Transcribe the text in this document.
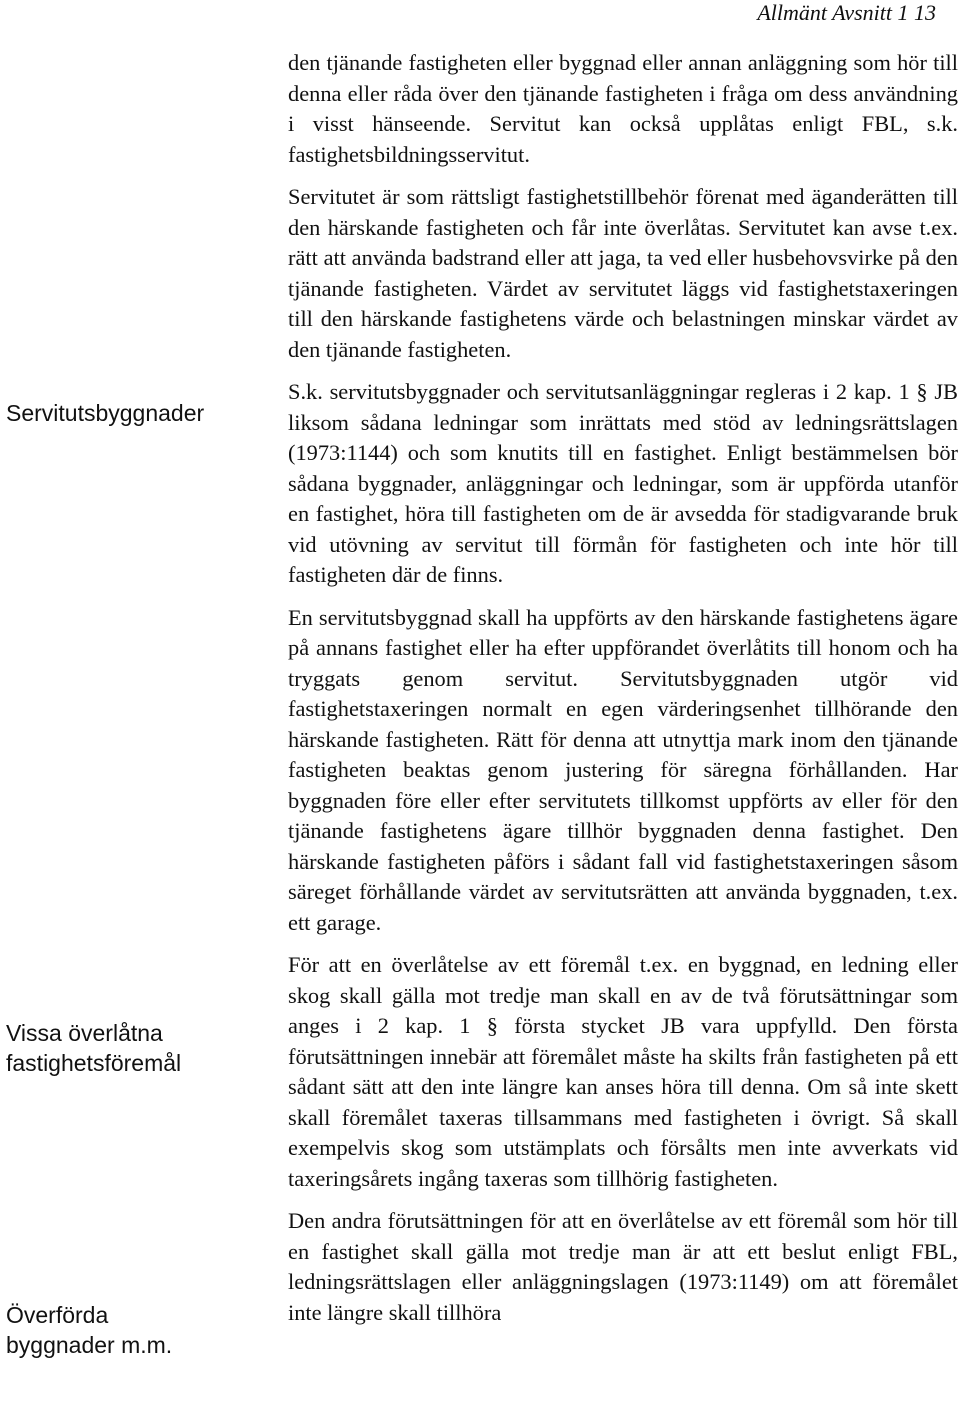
Allmänt Avsnitt 1 13
Servitutsbyggnader
Vissa överlåtna fastighetsföremål
Överförda byggnader m.m.

den tjänande fastigheten eller byggnad eller annan anläggning som hör till denna eller råda över den tjänande fastigheten i fråga om dess användning i visst hänseende. Servitut kan också upplåtas enligt FBL, s.k. fastighetsbildningsservitut.

Servitutet är som rättsligt fastighetstillbehör förenat med äganderätten till den härskande fastigheten och får inte överlåtas. Servitutet kan avse t.ex. rätt att använda badstrand eller att jaga, ta ved eller husbehovsvirke på den tjänande fastigheten. Värdet av servitutet läggs vid fastighetstaxeringen till den härskande fastighetens värde och belastningen minskar värdet av den tjänande fastigheten.

S.k. servitutsbyggnader och servitutsanläggningar regleras i 2 kap. 1 § JB liksom sådana ledningar som inrättats med stöd av ledningsrättslagen (1973:1144) och som knutits till en fastighet. Enligt bestämmelsen bör sådana byggnader, anläggningar och ledningar, som är uppförda utanför en fastighet, höra till fastigheten om de är avsedda för stadigvarande bruk vid utövning av servitut till förmån för fastigheten och inte hör till fastigheten där de finns.

En servitutsbyggnad skall ha uppförts av den härskande fastighetens ägare på annans fastighet eller ha efter uppförandet överlåtits till honom och ha tryggats genom servitut. Servitutsbyggnaden utgör vid fastighetstaxeringen normalt en egen värderingsenhet tillhörande den härskande fastigheten. Rätt för denna att utnyttja mark inom den tjänande fastigheten beaktas genom justering för säregna förhållanden. Har byggnaden före eller efter servitutets tillkomst uppförts av eller för den tjänande fastighetens ägare tillhör byggnaden denna fastighet. Den härskande fastigheten påförs i sådant fall vid fastighetstaxeringen såsom säreget förhållande värdet av servitutsrätten att använda byggnaden, t.ex. ett garage.

För att en överlåtelse av ett föremål t.ex. en byggnad, en ledning eller skog skall gälla mot tredje man skall en av de två förutsättningar som anges i 2 kap. 1 § första stycket JB vara uppfylld. Den första förutsättningen innebär att föremålet måste ha skilts från fastigheten på ett sådant sätt att den inte längre kan anses höra till denna. Om så inte skett skall föremålet taxeras tillsammans med fastigheten i övrigt. Så skall exempelvis skog som utstämplats och försålts men inte avverkats vid taxeringsårets ingång taxeras som tillhörig fastigheten.

Den andra förutsättningen för att en överlåtelse av ett föremål som hör till en fastighet skall gälla mot tredje man är att ett beslut enligt FBL, ledningsrättslagen eller anläggningslagen (1973:1149) om att föremålet inte längre skall tillhöra
